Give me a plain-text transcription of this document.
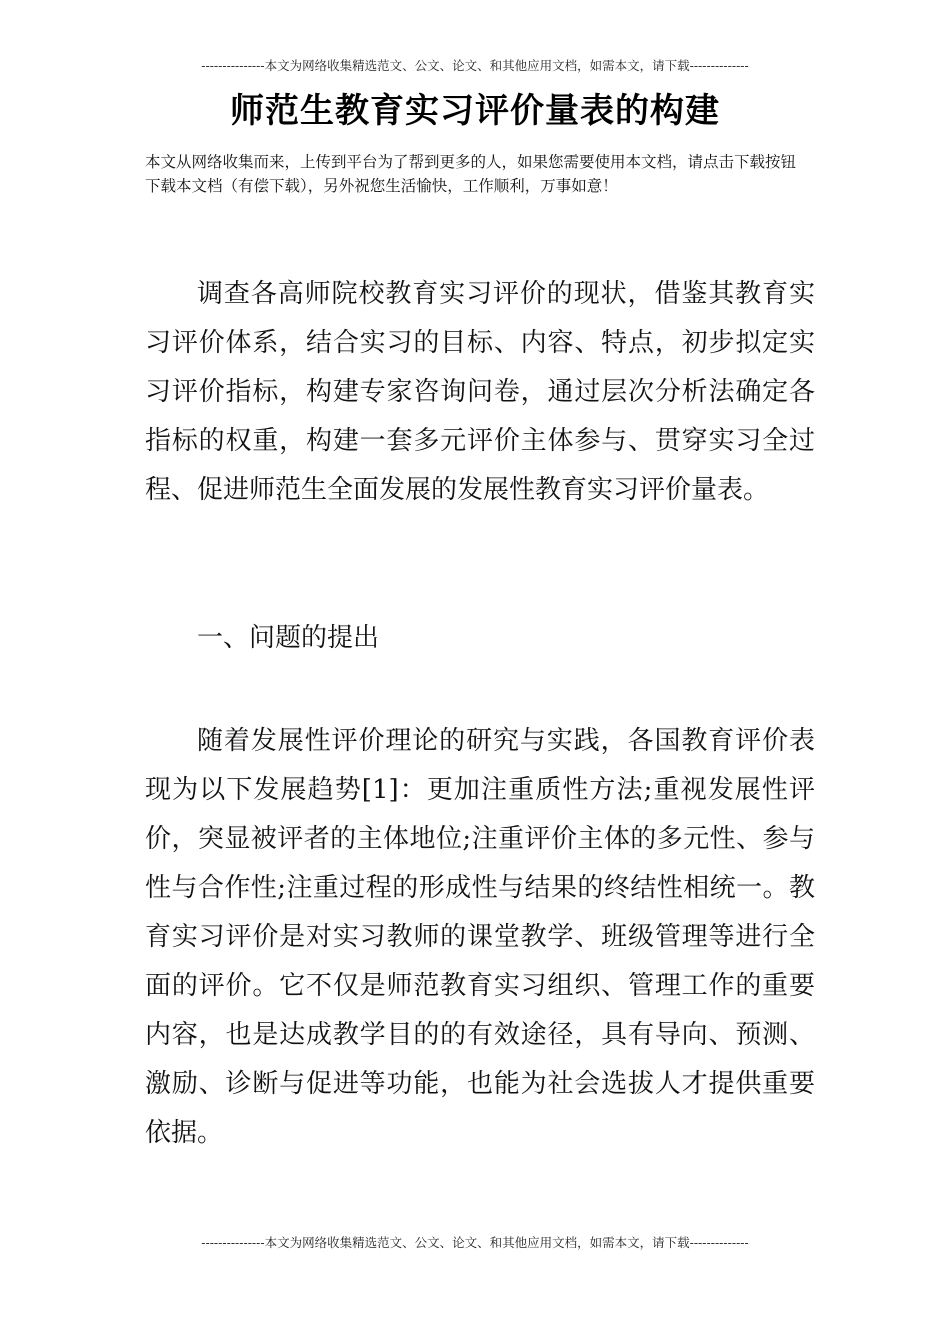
---------------本文为网络收集精选范文、公文、论文、和其他应用文档，如需本文，请下载--------------
师范生教育实习评价量表的构建
本文从网络收集而来，上传到平台为了帮到更多的人，如果您需要使用本文档，请点击下载按钮下载本文档（有偿下载），另外祝您生活愉快，工作顺利，万事如意！

调查各高师院校教育实习评价的现状，借鉴其教育实习评价体系，结合实习的目标、内容、特点，初步拟定实习评价指标，构建专家咨询问卷，通过层次分析法确定各指标的权重，构建一套多元评价主体参与、贯穿实习全过程、促进师范生全面发展的发展性教育实习评价量表。

一、问题的提出

随着发展性评价理论的研究与实践，各国教育评价表现为以下发展趋势[1]：更加注重质性方法;重视发展性评价，突显被评者的主体地位;注重评价主体的多元性、参与性与合作性;注重过程的形成性与结果的终结性相统一。教育实习评价是对实习教师的课堂教学、班级管理等进行全面的评价。它不仅是师范教育实习组织、管理工作的重要内容，也是达成教学目的的有效途径，具有导向、预测、激励、诊断与促进等功能，也能为社会选拔人才提供重要依据。

---------------本文为网络收集精选范文、公文、论文、和其他应用文档，如需本文，请下载--------------
